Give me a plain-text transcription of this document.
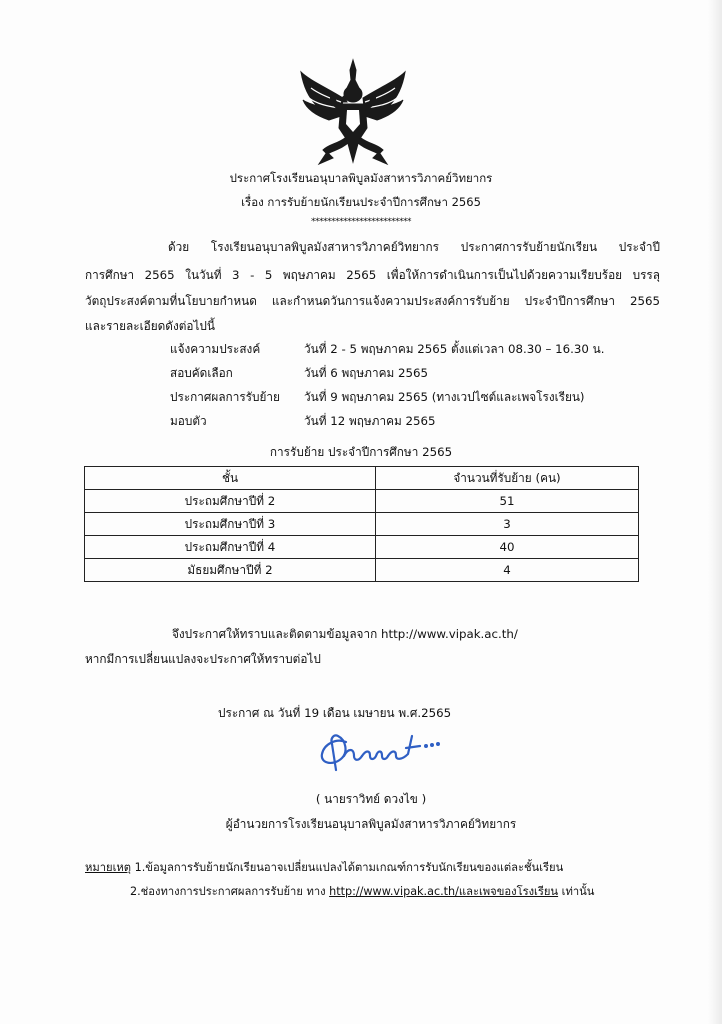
ประกาศโรงเรียนอนุบาลพิบูลมังสาหารวิภาคย์วิทยากร
เรื่อง การรับย้ายนักเรียนประจำปีการศึกษา 2565
*************************
ด้วย โรงเรียนอนุบาลพิบูลมังสาหารวิภาคย์วิทยากร ประกาศการรับย้ายนักเรียน ประจำปี
การศึกษา 2565 ในวันที่ 3 - 5 พฤษภาคม 2565 เพื่อให้การดำเนินการเป็นไปด้วยความเรียบร้อย บรรลุ
วัตถุประสงค์ตามที่นโยบายกำหนด และกำหนดวันการแจ้งความประสงค์การรับย้าย ประจำปีการศึกษา 2565
และรายละเอียดดังต่อไปนี้
แจ้งความประสงค์	วันที่ 2 - 5 พฤษภาคม 2565 ตั้งแต่เวลา 08.30 – 16.30 น.
สอบคัดเลือก	วันที่ 6 พฤษภาคม 2565
ประกาศผลการรับย้าย วันที่ 9 พฤษภาคม 2565 (ทางเวปไซต์และเพจโรงเรียน)
มอบตัว	วันที่ 12 พฤษภาคม 2565
การรับย้าย ประจำปีการศึกษา 2565
ชั้น	จำนวนที่รับย้าย (คน)
ประถมศึกษาปีที่ 2	51
ประถมศึกษาปีที่ 3	3
ประถมศึกษาปีที่ 4	40
มัธยมศึกษาปีที่ 2	4
จึงประกาศให้ทราบและติดตามข้อมูลจาก http://www.vipak.ac.th/
หากมีการเปลี่ยนแปลงจะประกาศให้ทราบต่อไป
ประกาศ ณ วันที่ 19 เดือน เมษายน พ.ศ.2565
( นายราวิทย์ ดวงไข )
ผู้อำนวยการโรงเรียนอนุบาลพิบูลมังสาหารวิภาคย์วิทยากร
หมายเหตุ 1.ข้อมูลการรับย้ายนักเรียนอาจเปลี่ยนแปลงได้ตามเกณฑ์การรับนักเรียนของแต่ละชั้นเรียน
2.ช่องทางการประกาศผลการรับย้าย ทาง http://www.vipak.ac.th/และเพจของโรงเรียน เท่านั้น
